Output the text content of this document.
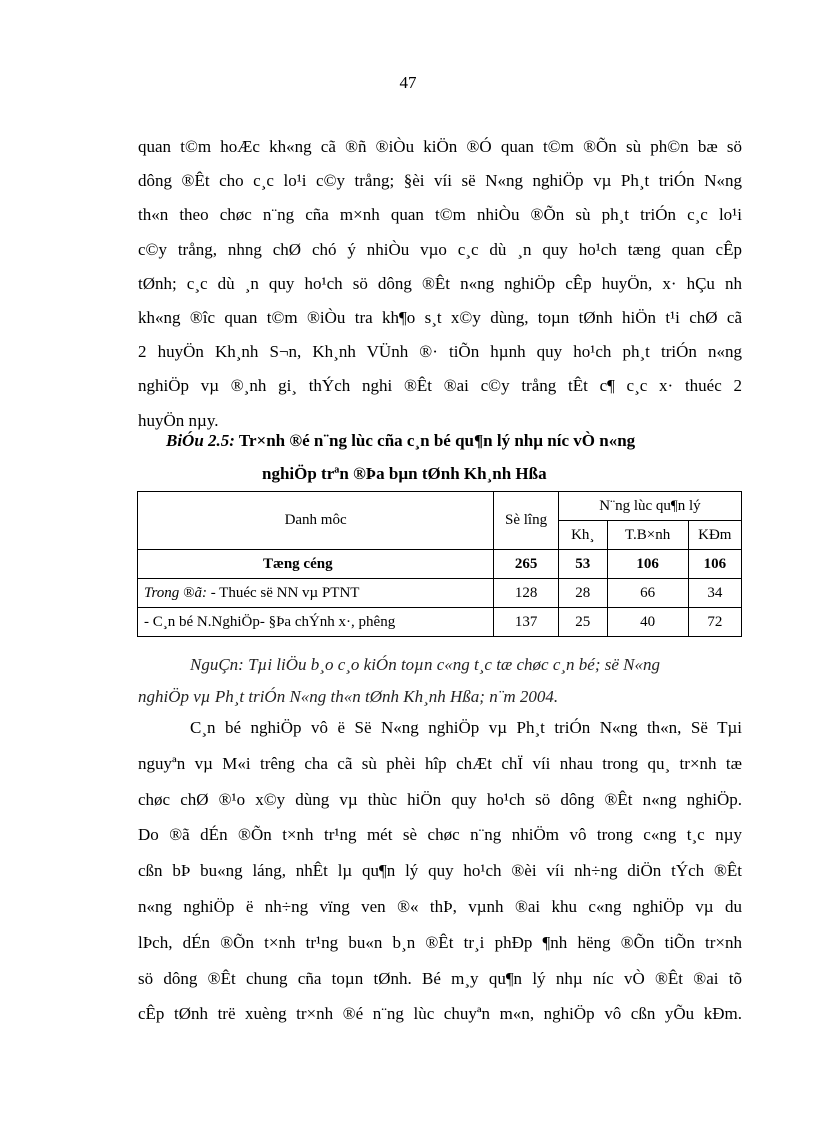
47
quan t©m hoÆc kh«ng cã ®ñ ®iÒu kiÖn ®Ó quan t©m ®Õn sù ph©n bæ sö
dông ®Êt cho c¸c lo¹i c©y trång; §èi víi së N«ng nghiÖp vµ Ph¸t triÓn N«ng
th«n theo chøc n¨ng cña m×nh quan t©m nhiÒu ®Õn sù ph¸t triÓn c¸c lo¹i
c©y trång, nhng chØ chó ý nhiÒu vµo c¸c dù ¸n quy ho¹ch tæng quan cÊp
tØnh; c¸c dù ¸n quy ho¹ch sö dông ®Êt n«ng nghiÖp cÊp huyÖn, x· hÇu nh
kh«ng ®îc quan t©m ®iÒu tra kh¶o s¸t x©y dùng, toµn tØnh hiÖn t¹i chØ cã
2 huyÖn Kh¸nh S¬n, Kh¸nh VÜnh ®· tiÕn hµnh quy ho¹ch ph¸t triÓn n«ng
nghiÖp vµ ®¸nh gi¸ thÝch nghi ®Êt ®ai c©y trång tÊt c¶ c¸c x· thuéc 2
huyÖn nµy.
BiÓu 2.5: Tr×nh ®é n¨ng lùc cña c¸n bé qu¶n lý nhµ níc vÒ n«ng
nghiÖp trªn ®Þa bµn tØnh Kh¸nh Hßa
Danh môc	Sè lîng	N¨ng lùc qu¶n lý		
		Kh¸	T.B×nh	KÐm
Tæng céng	265	53	106	106
Trong ®ã: - Thuéc së NN vµ PTNT	128	28	66	34
- C¸n bé N.NghiÖp- §Þa chÝnh x·, phêng	137	25	40	72
NguÇn: Tµi liÖu b¸o c¸o kiÓn toµn c«ng t¸c tæ chøc c¸n bé; së N«ng
nghiÖp vµ Ph¸t triÓn N«ng th«n tØnh Kh¸nh Hßa; n¨m 2004.
C¸n bé nghiÖp vô ë Së N«ng nghiÖp vµ Ph¸t triÓn N«ng th«n, Së Tµi
nguyªn vµ M«i trêng cha cã sù phèi hîp chÆt chÏ víi nhau trong qu¸ tr×nh tæ
chøc chØ ®¹o x©y dùng vµ thùc hiÖn quy ho¹ch sö dông ®Êt n«ng nghiÖp.
Do ®ã dÉn ®Õn t×nh tr¹ng mét sè chøc n¨ng nhiÖm vô trong c«ng t¸c nµy
cßn bÞ bu«ng láng, nhÊt lµ qu¶n lý quy ho¹ch ®èi víi nh÷ng diÖn tÝch ®Êt
n«ng nghiÖp ë nh÷ng vïng ven ®« thÞ, vµnh ®ai khu c«ng nghiÖp vµ du
lÞch, dÉn ®Õn t×nh tr¹ng bu«n b¸n ®Êt tr¸i phÐp ¶nh hëng ®Õn tiÕn tr×nh
sö dông ®Êt chung cña toµn tØnh. Bé m¸y qu¶n lý nhµ níc vÒ ®Êt ®ai tõ
cÊp tØnh trë xuèng tr×nh ®é n¨ng lùc chuyªn m«n, nghiÖp vô cßn yÕu kÐm.
